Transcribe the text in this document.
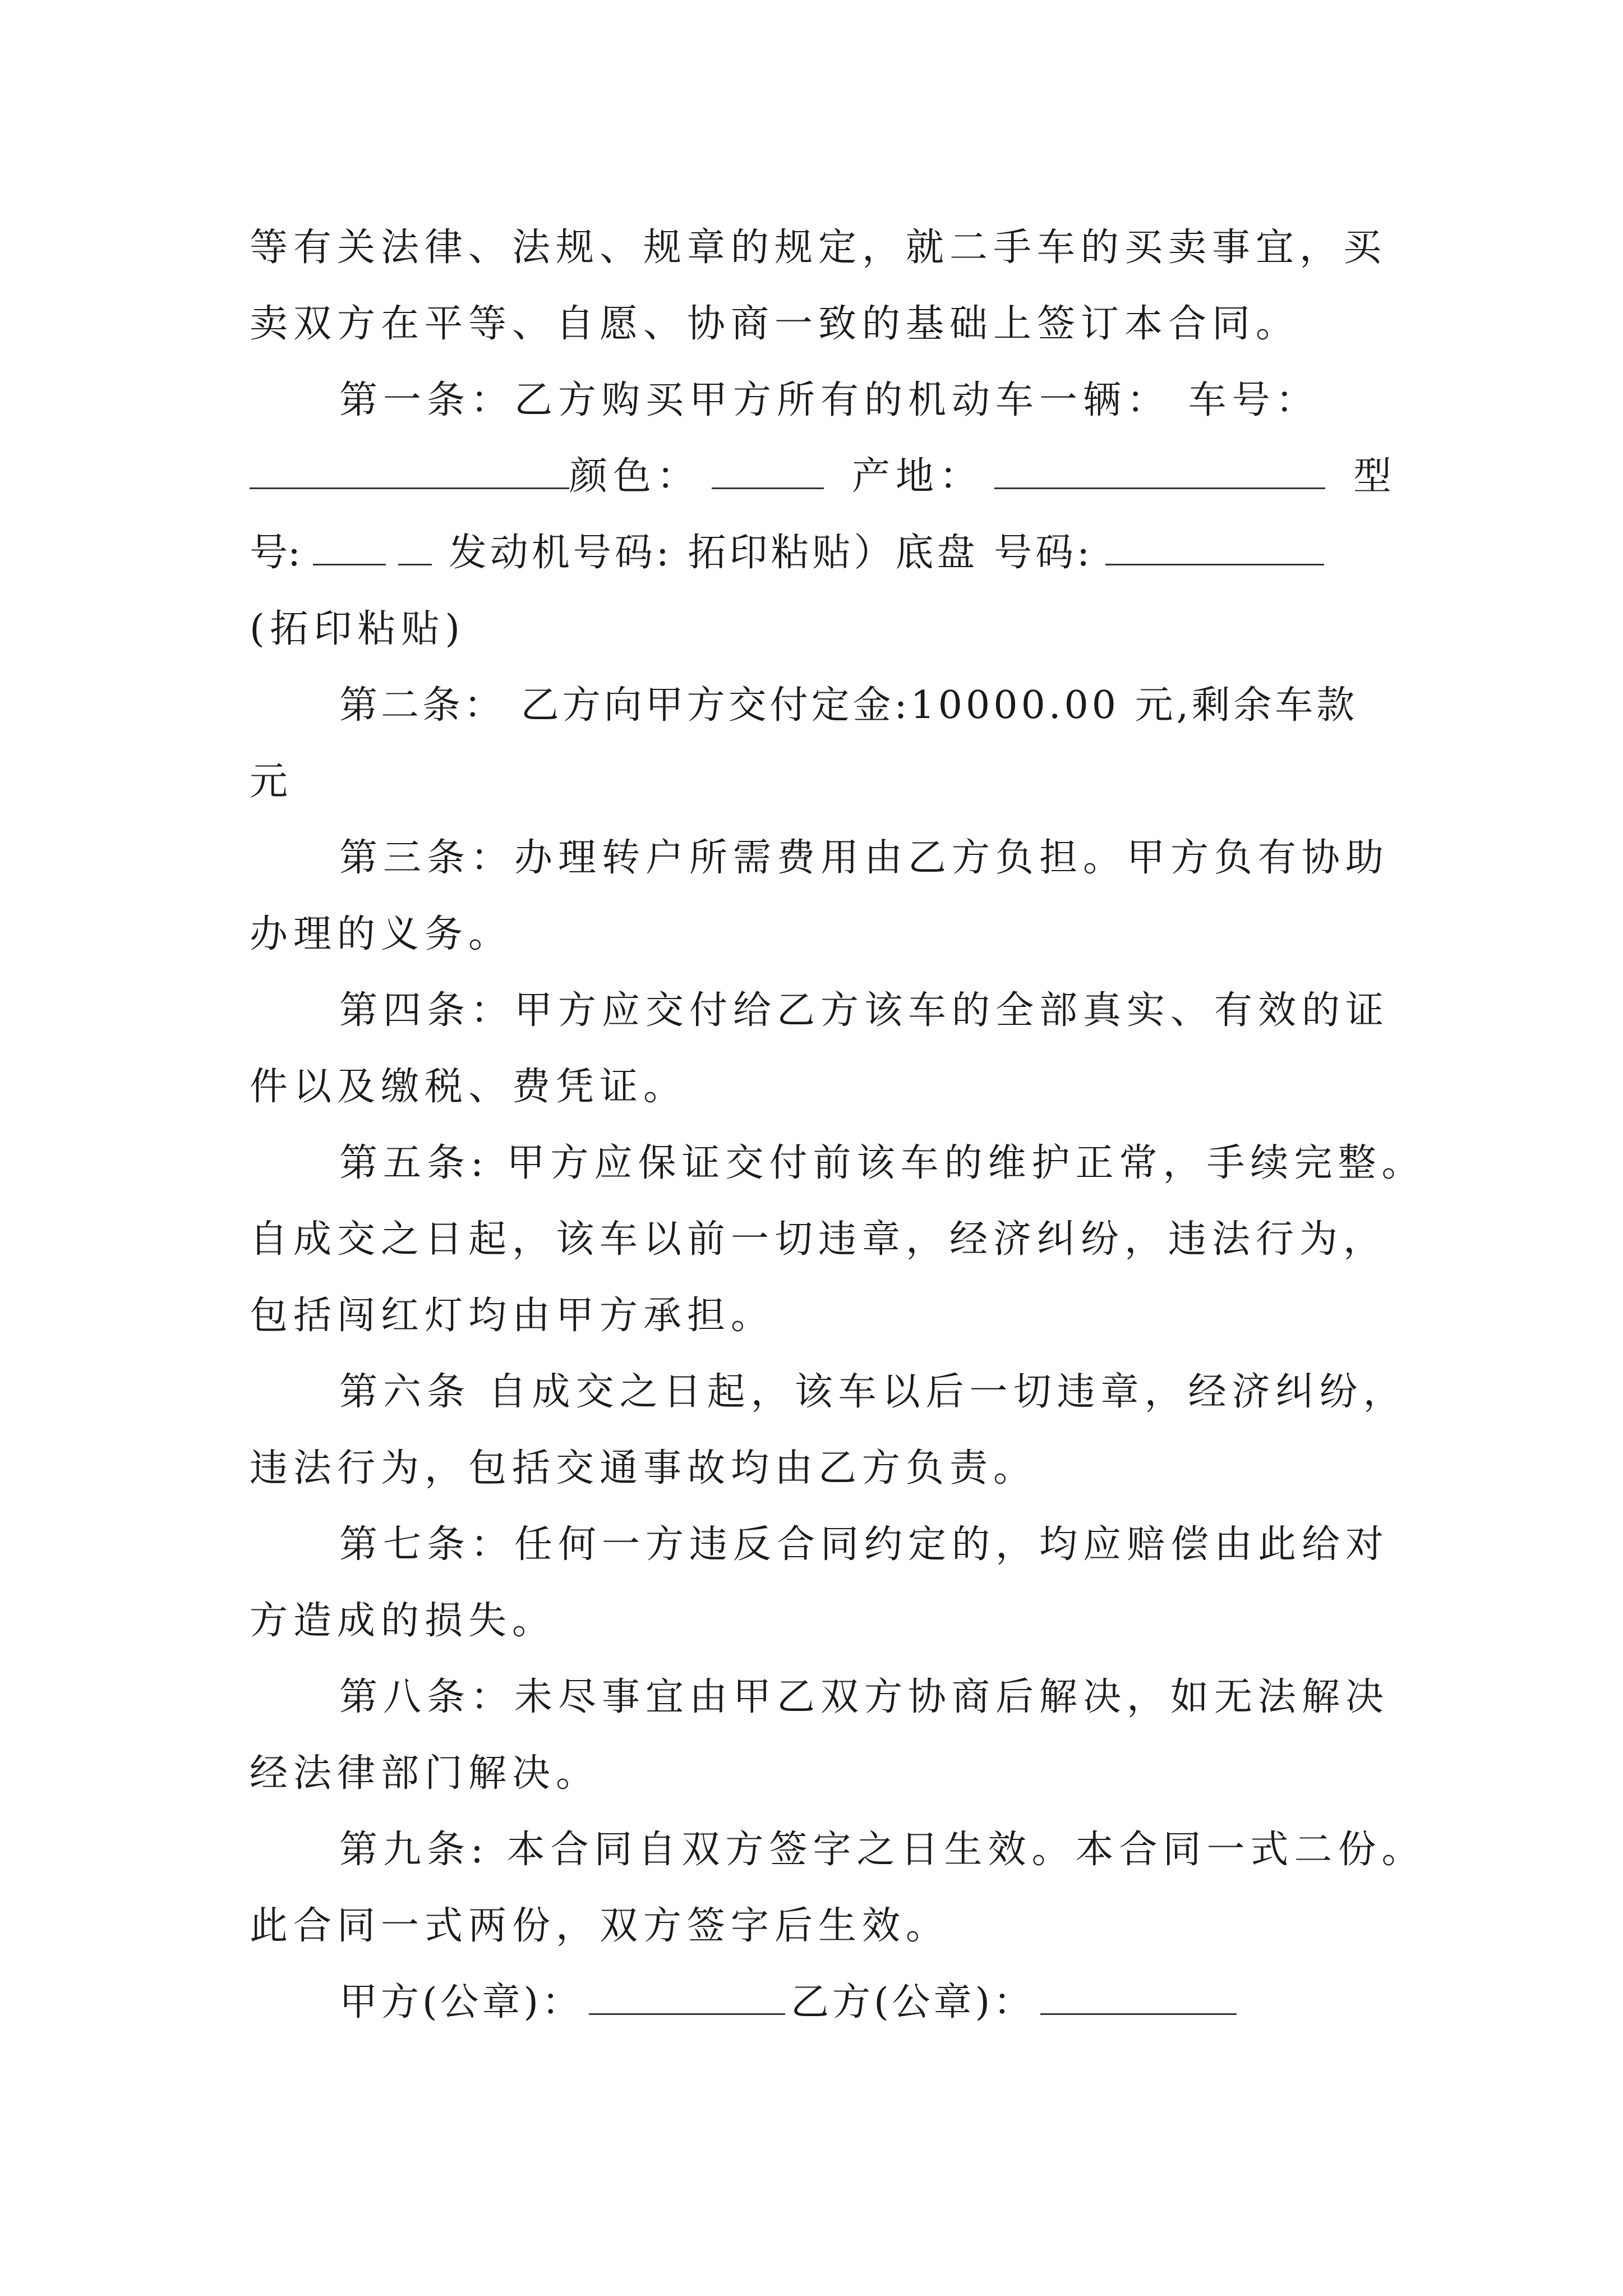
等有关法律、法规、规章的规定，就二手车的买卖事宜，买
卖双方在平等、自愿、协商一致的基础上签订本合同。
第一条：乙方购买甲方所有的机动车一辆： 车号：
颜色：	产地：	型
号:	发动机号码: 拓印粘贴）底盘 号码:
(拓印粘贴)
第二条： 乙方向甲方交付定金:10000.00 元,剩余车款
元
第三条：办理转户所需费用由乙方负担。甲方负有协助
办理的义务。
第四条：甲方应交付给乙方该车的全部真实、有效的证
件以及缴税、费凭证。
第五条: 甲方应保证交付前该车的维护正常，手续完整。
自成交之日起，该车以前一切违章，经济纠纷，违法行为，
包括闯红灯均由甲方承担。
第六条 自成交之日起，该车以后一切违章，经济纠纷，
违法行为，包括交通事故均由乙方负责。
第七条：任何一方违反合同约定的，均应赔偿由此给对
方造成的损失。
第八条：未尽事宜由甲乙双方协商后解决，如无法解决
经法律部门解决。
第九条: 本合同自双方签字之日生效。本合同一式二份。
此合同一式两份，双方签字后生效。
甲方(公章)：	乙方(公章)：
